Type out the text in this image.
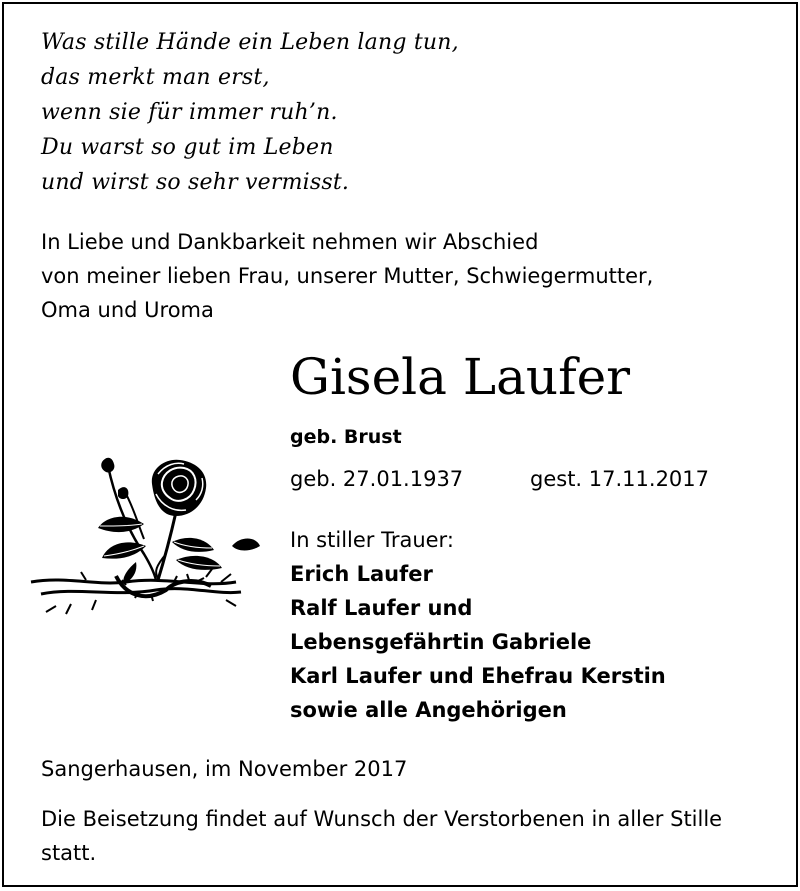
Was stille Hände ein Leben lang tun,
das merkt man erst,
wenn sie für immer ruh’n.
Du warst so gut im Leben
und wirst so sehr vermisst.
In Liebe und Dankbarkeit nehmen wir Abschied
von meiner lieben Frau, unserer Mutter, Schwiegermutter,
Oma und Uroma
Gisela Laufer
geb. Brust
geb. 27.01.1937	gest. 17.11.2017
In stiller Trauer:
Erich Laufer
Ralf Laufer und
Lebensgefährtin Gabriele
Karl Laufer und Ehefrau Kerstin
sowie alle Angehörigen
Sangerhausen, im November 2017
Die Beisetzung findet auf Wunsch der Verstorbenen in aller Stille statt.
